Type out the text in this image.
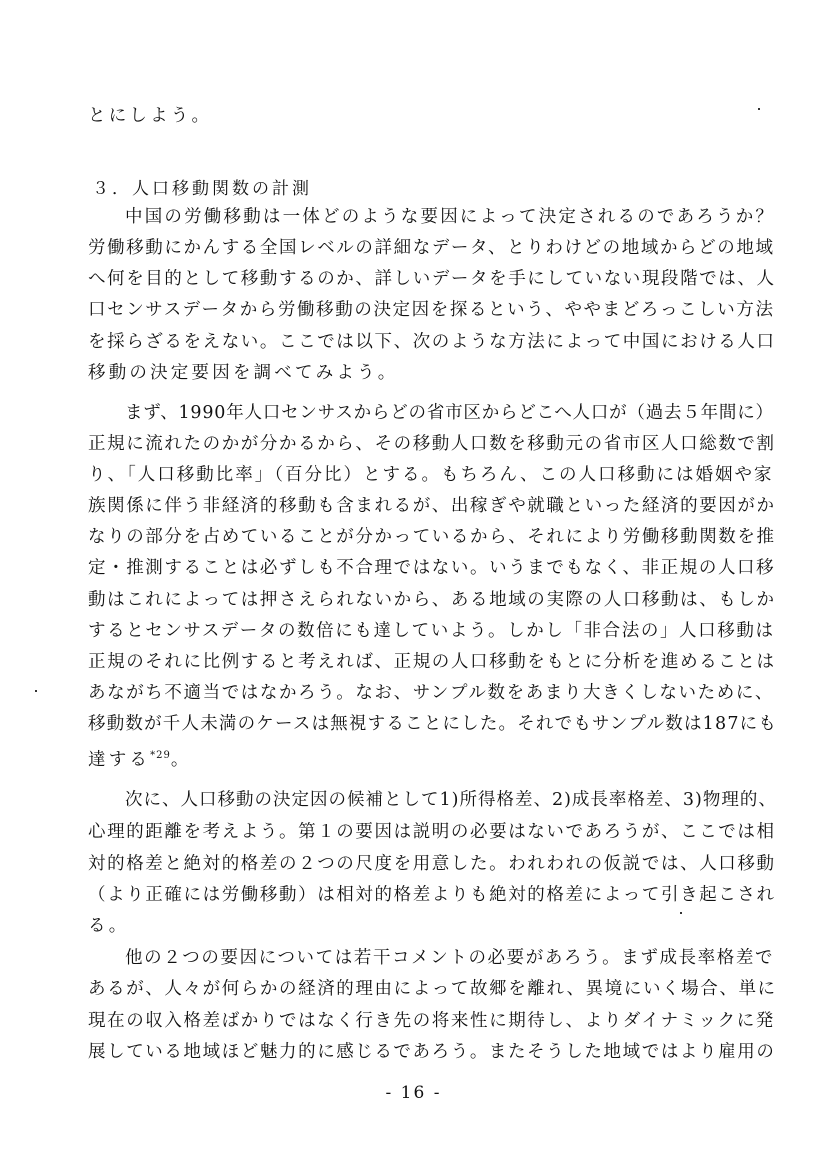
とにしよう。
３．人口移動関数の計測
中国の労働移動は一体どのような要因によって決定されるのであろうか？
労働移動にかんする全国レベルの詳細なデータ、とりわけどの地域からどの地域
へ何を目的として移動するのか、詳しいデータを手にしていない現段階では、人
口センサスデータから労働移動の決定因を探るという、ややまどろっこしい方法
を採らざるをえない。ここでは以下、次のような方法によって中国における人口
移動の決定要因を調べてみよう。
まず、1990年人口センサスからどの省市区からどこへ人口が（過去５年間に）
正規に流れたのかが分かるから、その移動人口数を移動元の省市区人口総数で割
り、「人口移動比率」（百分比）とする。もちろん、この人口移動には婚姻や家
族関係に伴う非経済的移動も含まれるが、出稼ぎや就職といった経済的要因がか
なりの部分を占めていることが分かっているから、それにより労働移動関数を推
定・推測することは必ずしも不合理ではない。いうまでもなく、非正規の人口移
動はこれによっては押さえられないから、ある地域の実際の人口移動は、もしか
するとセンサスデータの数倍にも達していよう。しかし「非合法の」人口移動は
正規のそれに比例すると考えれば、正規の人口移動をもとに分析を進めることは
あながち不適当ではなかろう。なお、サンプル数をあまり大きくしないために、
移動数が千人未満のケースは無視することにした。それでもサンプル数は187にも
達する$^{*29}$。
次に、人口移動の決定因の候補として1)所得格差、2)成長率格差、3)物理的、
心理的距離を考えよう。第１の要因は説明の必要はないであろうが、ここでは相
対的格差と絶対的格差の２つの尺度を用意した。われわれの仮説では、人口移動
（より正確には労働移動）は相対的格差よりも絶対的格差によって引き起こされ
る。
他の２つの要因については若干コメントの必要があろう。まず成長率格差で
あるが、人々が何らかの経済的理由によって故郷を離れ、異境にいく場合、単に
現在の収入格差ばかりではなく行き先の将来性に期待し、よりダイナミックに発
展している地域ほど魅力的に感じるであろう。またそうした地域ではより雇用の
- 16 -
